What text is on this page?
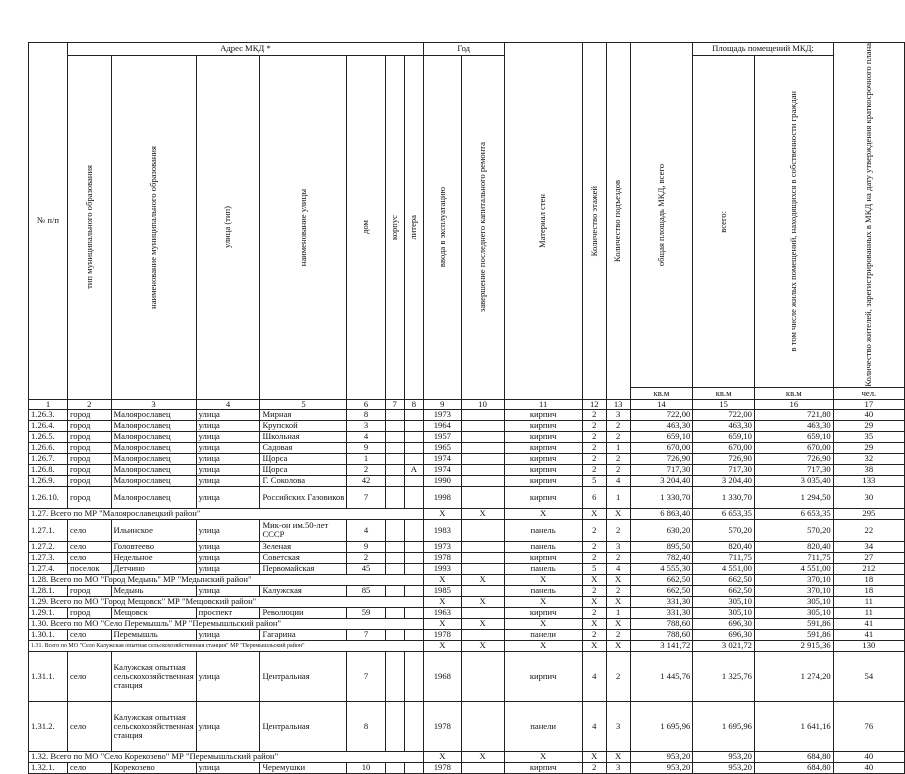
№ п/п	Адрес МКД *							Год		Материал стен	Количество этажей	Количество подъездов	общая площадь МКД, всего	Площадь помещений МКД:		Количество жителей, зарегистрированных в МКД на дату утверждения краткосрочного плана

	тип муниципального образования	наименование муниципального образования	улица (тип)	наименование улицы	дом	корпус	литера	ввода в эксплуатацию	завершение последнего капитального ремонта					всего:	в том числе жилых помещений, находящихся в собственности граждан	

													кв.м	кв.м	кв.м	чел.
1	2	3	4	5	6	7	8	9	10	11	12	13	14	15	16	17
1.26.3.	город	Малоярославец	улица	Мирная	8			1973		кирпич	2	3	722,00	722,00	721,80	40
1.26.4.	город	Малоярославец	улица	Крупской	3			1964		кирпич	2	2	463,30	463,30	463,30	29
1.26.5.	город	Малоярославец	улица	Школьная	4			1957		кирпич	2	2	659,10	659,10	659,10	35
1.26.6.	город	Малоярославец	улица	Садовая	9			1965		кирпич	2	1	670,00	670,00	670,00	29
1.26.7.	город	Малоярославец	улица	Щорса	1			1974		кирпич	2	2	726,90	726,90	726,90	32
1.26.8.	город	Малоярославец	улица	Щорса	2		А	1974		кирпич	2	2	717,30	717,30	717,30	38
1.26.9.	город	Малоярославец	улица	Г. Соколова	42			1990		кирпич	5	4	3 204,40	3 204,40	3 035,40	133
1.26.10.	город	Малоярославец	улица	Российских Газовиков	7			1998		кирпич	6	1	1 330,70	1 330,70	1 294,50	30
1.27. Всего по МР "Малоярославецкий район"								X	X	X	X	X	6 863,40	6 653,35	6 653,35	295
1.27.1.	село	Ильинское	улица	Мик-он им.50-лет СССР	4			1983		панель	2	2	630,20	570,20	570,20	22
1.27.2.	село	Головтеево	улица	Зеленая	9			1973		панель	2	3	895,50	820,40	820,40	34
1.27.3.	село	Недельное	улица	Советская	2			1978		кирпич	2	2	782,40	711,75	711,75	27
1.27.4.	поселок	Детчино	улица	Первомайская	45			1993		панель	5	4	4 555,30	4 551,00	4 551,00	212
1.28. Всего по МО "Город Медынь" МР "Медынский район"								X	X	X	X	X	662,50	662,50	370,10	18
1.28.1.	город	Медынь	улица	Калужская	85			1985		панель	2	2	662,50	662,50	370,10	18
1.29. Всего по МО "Город Мещовск" МР "Мещовский район"								X	X	X	X	X	331,30	305,10	305,10	11
1.29.1.	город	Мещовск	проспект	Революции	59			1963		кирпич	2	1	331,30	305,10	305,10	11
1.30. Всего по МО "Село Перемышль" МР "Перемышльский район"								X	X	X	X	X	788,60	696,30	591,86	41
1.30.1.	село	Перемышль	улица	Гагарина	7			1978		панели	2	2	788,60	696,30	591,86	41
1.31. Всего по МО "Село Калужская опытная сельскохозяйственная станция" МР "Перемышльский район"								X	X	X	X	X	3 141,72	3 021,72	2 915,36	130
1.31.1.	село	Калужская опытная сельскохозяйственная станция	улица	Центральная	7			1968		кирпич	4	2	1 445,76	1 325,76	1 274,20	54
1.31.2.	село	Калужская опытная сельскохозяйственная станция	улица	Центральная	8			1978		панели	4	3	1 695,96	1 695,96	1 641,16	76
1.32. Всего по МО "Село Корекозево" МР "Перемышльский район"								X	X	X	X	X	953,20	953,20	684,80	40
1.32.1.	село	Корекозево	улица	Черемушки	10			1978		кирпич	2	3	953,20	953,20	684,80	40
